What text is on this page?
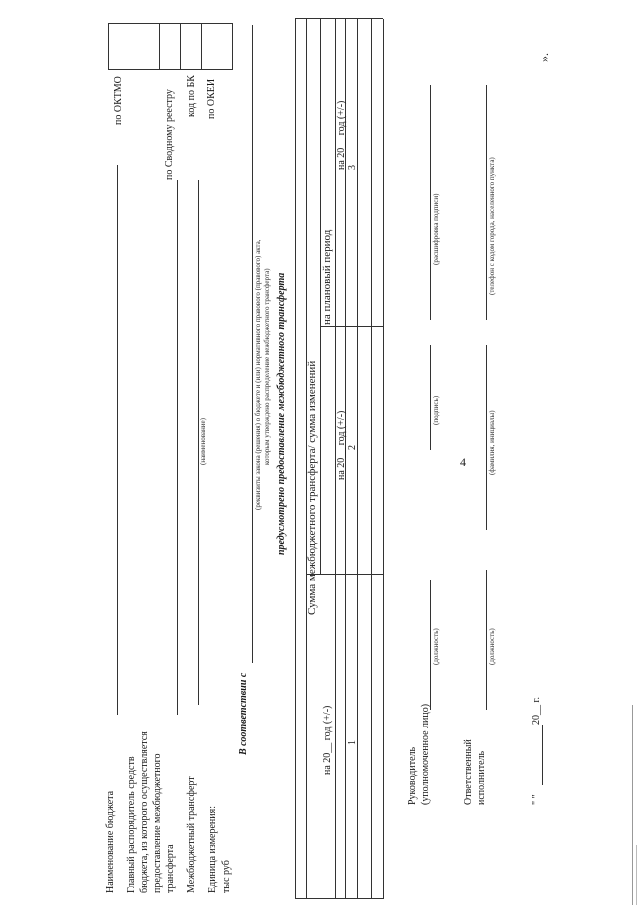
4
».
Наименование бюджета Главный распорядитель средств бюджета, из которого осуществляется предоставление межбюджетного трансферта Межбюджетный трансферт
(наименование)
Единица измерения: тыс руб
по ОКТМО	по Сводному реестру код по БК по ОКЕИ
В соответствии с
(реквизиты закона (решения) о бюджете и (или) нормативного правового (правового) акта, которым утверждено распределение межбюджетного трансферта) предусмотрено предоставление межбюджетного трансферта Сумма межбюджетного трансферта/ сумма изменений
на плановый период
на 20__ год (+/-)
на 20__ год (+/-)
на 20__ год (+/-)
1
2
3
Руководитель (уполномоченное лицо)
(должность)
(подпись)
(расшифровка подписи)
Ответственный исполнитель
(должность)
(фамилия, инициалы)
(телефон с кодом города, населенного пункта)
" "
20__ г.
